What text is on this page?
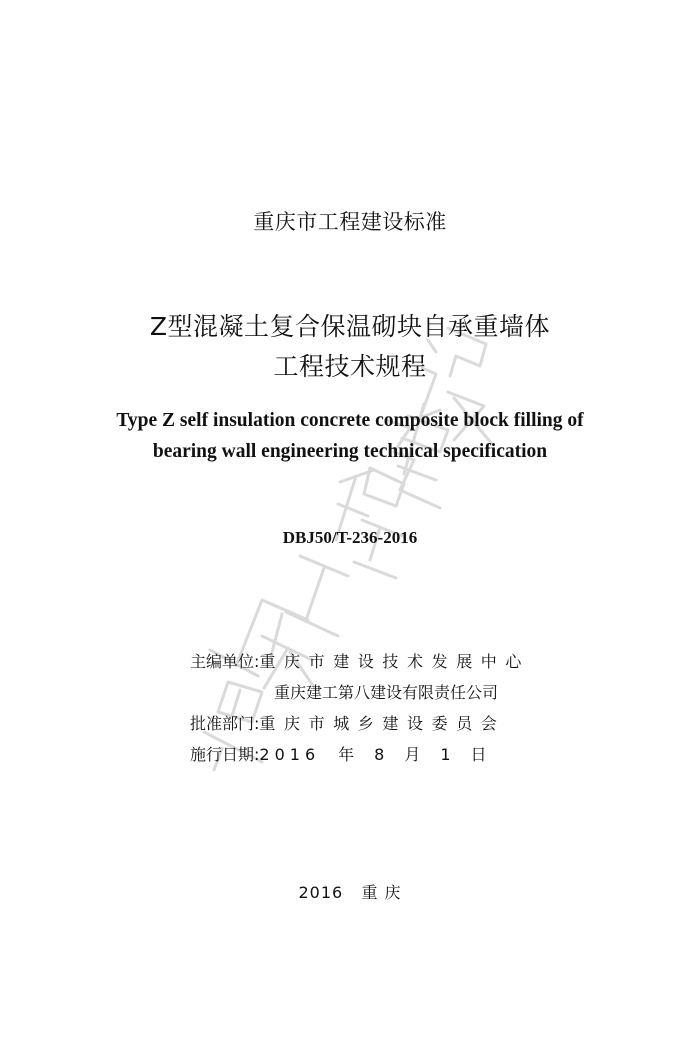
重庆市工程建设标准
Z型混凝土复合保温砌块自承重墙体
工程技术规程
Type Z self insulation concrete composite block filling of
bearing wall engineering technical specification
DBJ50/T-236-2016
主编单位:重庆市建设技术发展中心
重庆建工第八建设有限责任公司
批准部门:重庆市城乡建设委员会
施行日期:2016 年 8 月 1 日
2016 重 庆
